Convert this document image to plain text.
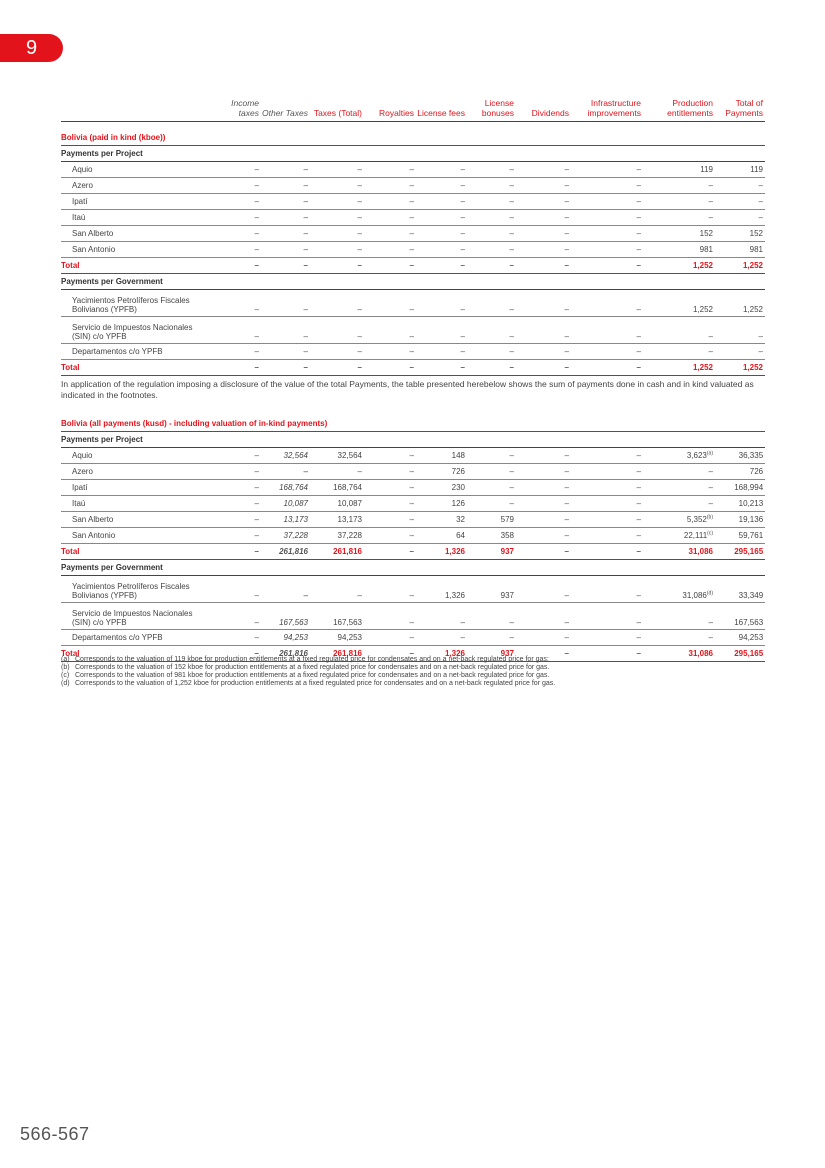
9
	Income taxes	Other Taxes	Taxes (Total)	Royalties	License fees	License bonuses	Dividends	Infrastructure improvements	Production entitlements	Total of Payments

Bolivia (paid in kind (kboe))										
Payments per Project										
Aquio	–	–	–	–	–	–	–	–	119	119
Azero	–	–	–	–	–	–	–	–	–	–
Ipatí	–	–	–	–	–	–	–	–	–	–
Itaú	–	–	–	–	–	–	–	–	–	–
San Alberto	–	–	–	–	–	–	–	–	152	152
San Antonio	–	–	–	–	–	–	–	–	981	981
Total	–	–	–	–	–	–	–	–	1,252	1,252
Payments per Government										
Yacimientos Petrolíferos Fiscales Bolivianos (YPFB)	–	–	–	–	–	–	–	–	1,252	1,252
Servicio de Impuestos Nacionales (SIN) c/o YPFB	–	–	–	–	–	–	–	–	–	–
Departamentos c/o YPFB	–	–	–	–	–	–	–	–	–	–
Total	–	–	–	–	–	–	–	–	1,252	1,252
In application of the regulation imposing a disclosure of the value of the total Payments, the table presented herebelow shows the sum of payments done in cash and in kind valuated as indicated in the footnotes.
Bolivia (all payments (kusd) - including valuation of in-kind payments)										
Payments per Project										
Aquio	–	32,564	32,564	–	148	–	–	–	3,623$^{(a)}$	36,335
Azero	–	–	–	–	726	–	–	–	–	726
Ipatí	–	168,764	168,764	–	230	–	–	–	–	168,994
Itaú	–	10,087	10,087	–	126	–	–	–	–	10,213
San Alberto	–	13,173	13,173	–	32	579	–	–	5,352$^{(b)}$	19,136
San Antonio	–	37,228	37,228	–	64	358	–	–	22,111$^{(c)}$	59,761
Total	–	261,816	261,816	–	1,326	937	–	–	31,086	295,165
Payments per Government										
Yacimientos Petrolíferos Fiscales Bolivianos (YPFB)	–	–	–	–	1,326	937	–	–	31,086$^{(d)}$	33,349
Servicio de Impuestos Nacionales (SIN) c/o YPFB	–	167,563	167,563	–	–	–	–	–	–	167,563
Departamentos c/o YPFB	–	94,253	94,253	–	–	–	–	–	–	94,253
Total	–	261,816	261,816	–	1,326	937	–	–	31,086	295,165
(a) Corresponds to the valuation of 119 kboe for production entitlements at a fixed regulated price for condensates and on a net-back regulated price for gas;
(b) Corresponds to the valuation of 152 kboe for production entitlements at a fixed regulated price for condensates and on a net-back regulated price for gas.
(c) Corresponds to the valuation of 981 kboe for production entitlements at a fixed regulated price for condensates and on a net-back regulated price for gas.
(d) Corresponds to the valuation of 1,252 kboe for production entitlements at a fixed regulated price for condensates and on a net-back regulated price for gas.
566-567
